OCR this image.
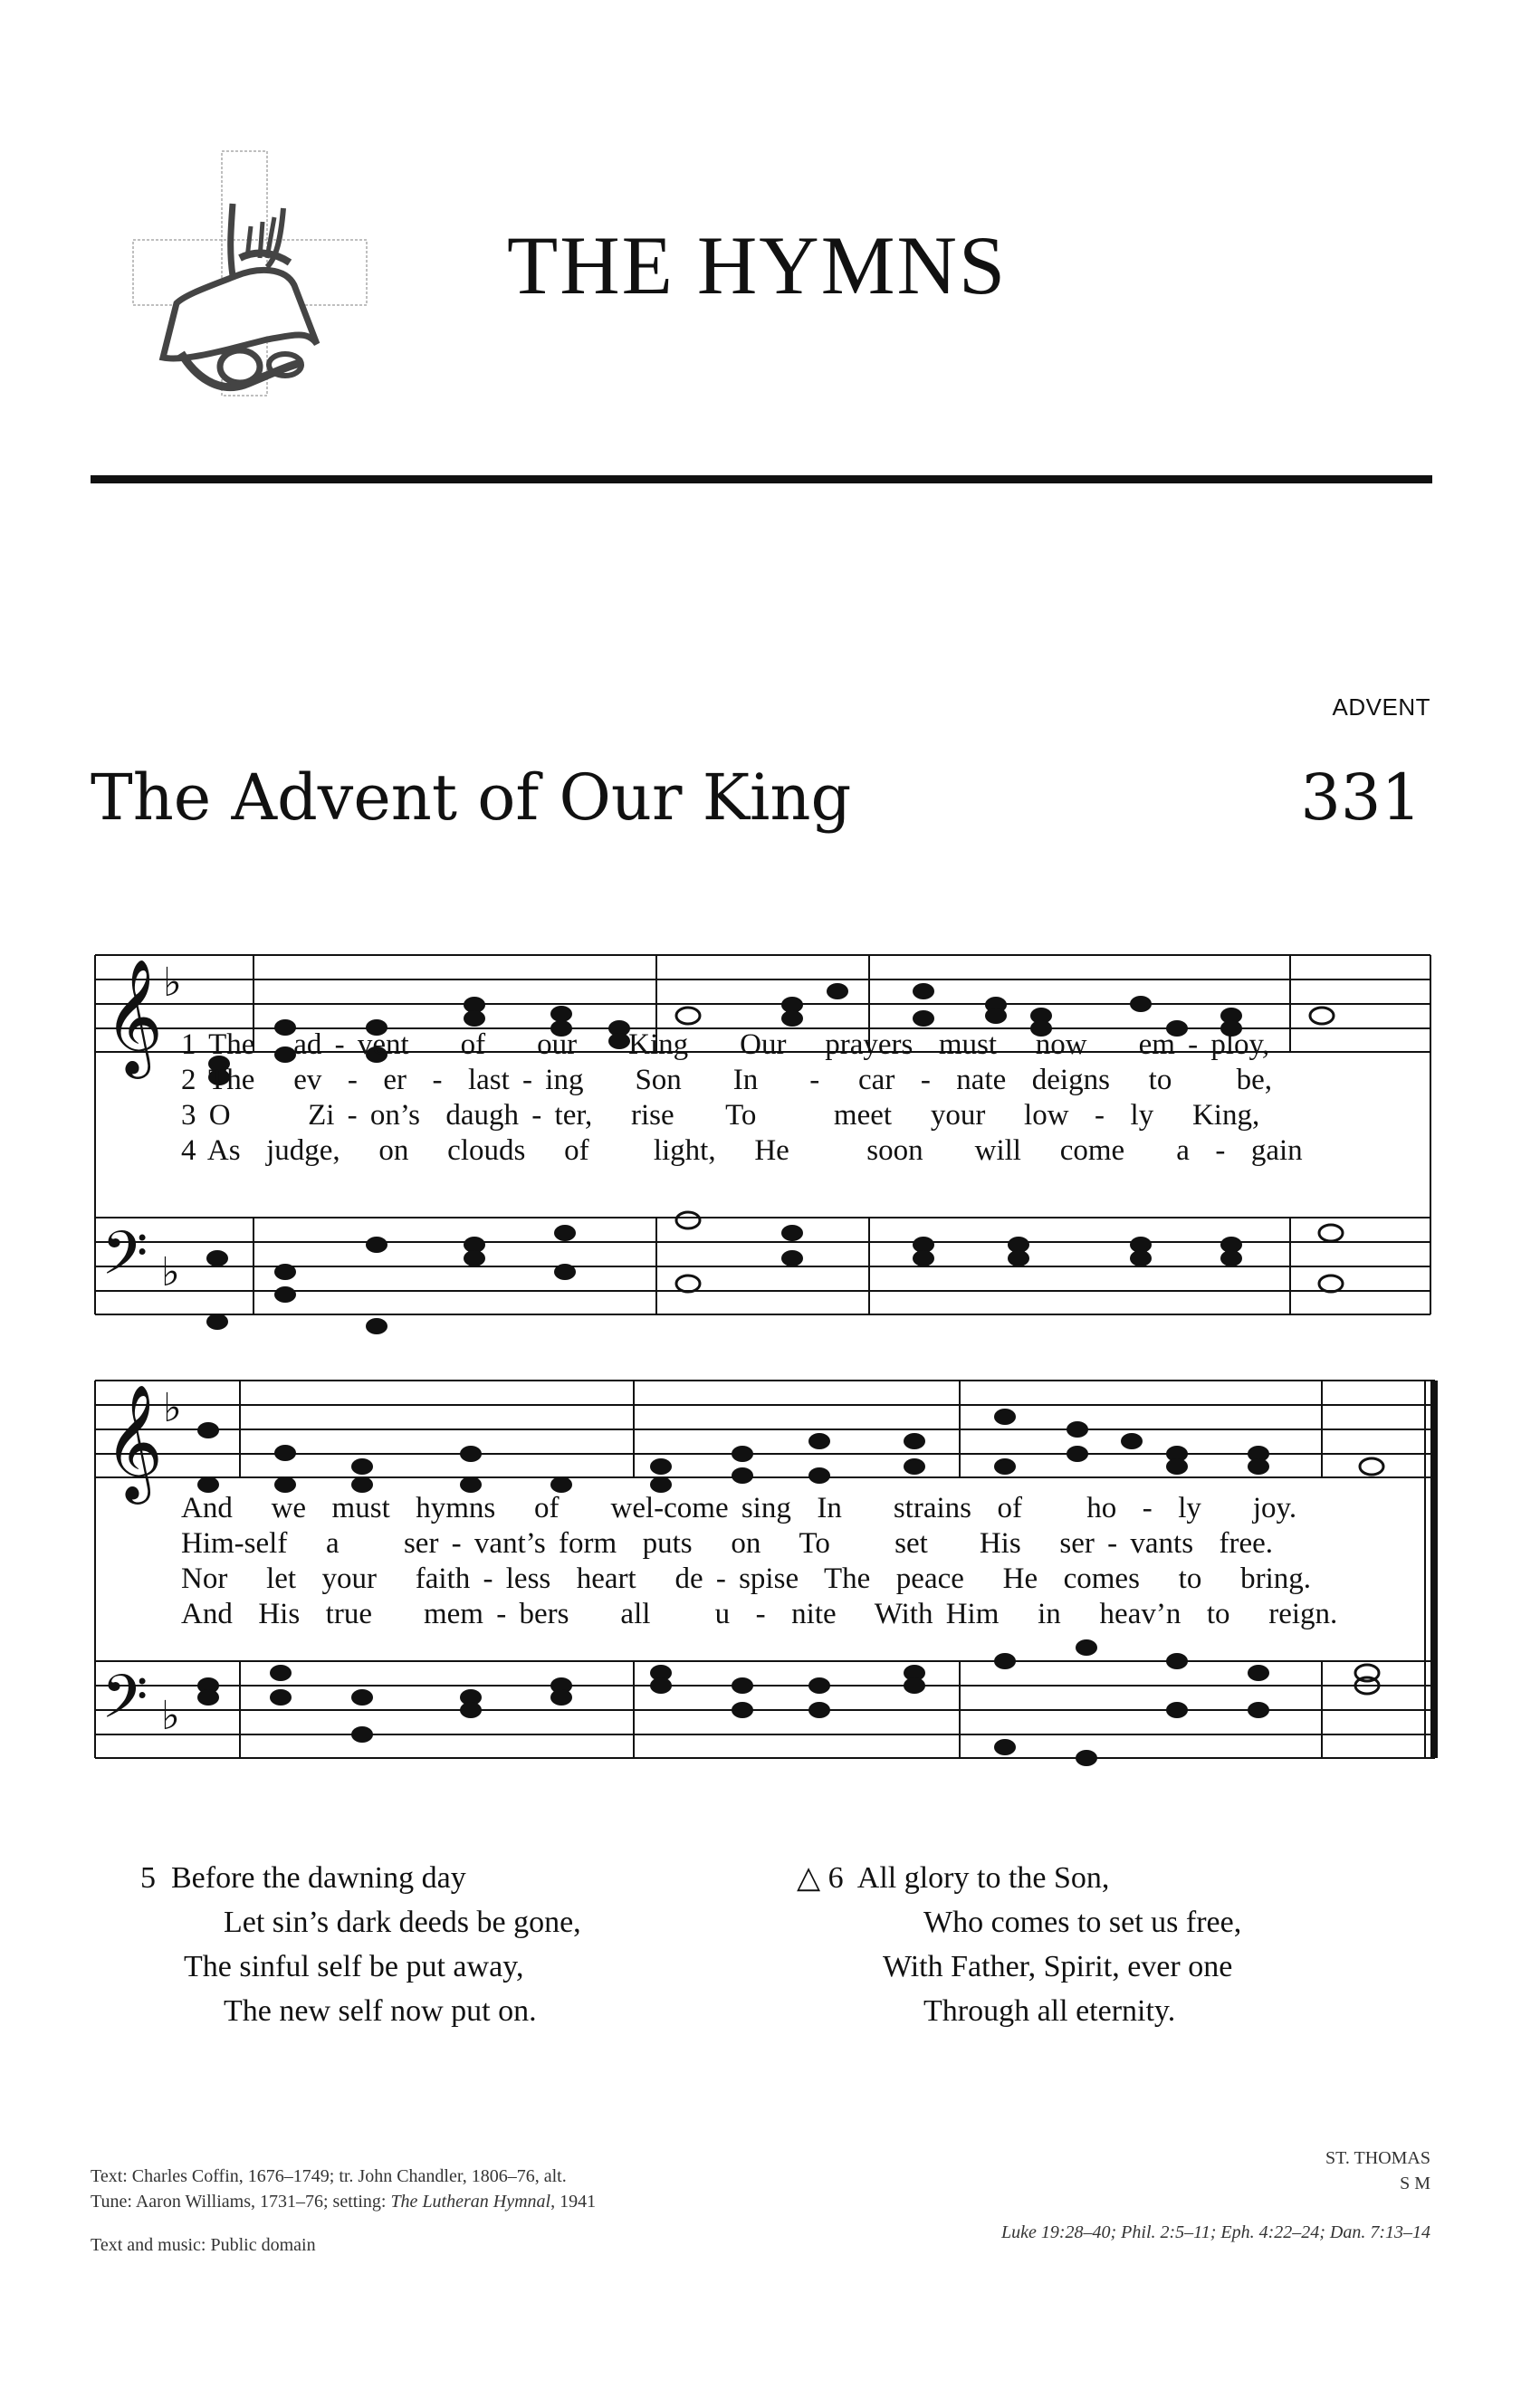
THE HYMNS
ADVENT
The Advent of Our King	331
𝄞 ♭
𝄢 ♭
𝄞 ♭
𝄢 ♭
1 The   ad - vent    of    our    King    Our   prayers  must   now    em - ploy,
2 The   ev  -  er  -  last - ing    Son    In    -   car  -  nate  deigns   to     be,
3 O      Zi - on’s  daugh - ter,   rise    To      meet   your   low  -  ly   King,
4 As  judge,   on   clouds   of     light,   He      soon    will   come    a  -  gain
And   we  must  hymns   of    wel-come sing  In    strains  of     ho  -  ly    joy.
Him-self   a     ser - vant’s form  puts   on   To     set    His   ser - vants  free.
Nor   let  your   faith - less  heart   de - spise  The  peace   He  comes   to   bring.
And  His  true    mem - bers    all     u  -  nite   With Him   in   heav’n  to   reign.
5 Before the dawning day
Let sin’s dark deeds be gone,
The sinful self be put away,
The new self now put on.
△ 6 All glory to the Son,
Who comes to set us free,
With Father, Spirit, ever one
Through all eternity.
Text: Charles Coffin, 1676–1749; tr. John Chandler, 1806–76, alt.
Tune: Aaron Williams, 1731–76; setting: The Lutheran Hymnal, 1941
Text and music: Public domain
ST. THOMAS
S M
Luke 19:28–40; Phil. 2:5–11; Eph. 4:22–24; Dan. 7:13–14
